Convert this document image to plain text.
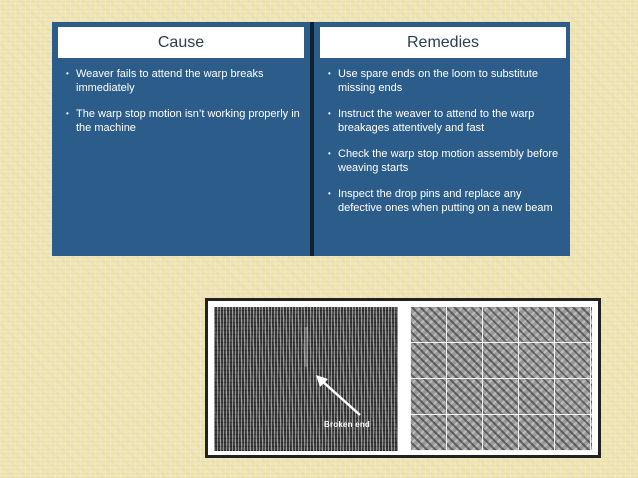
Cause
• Weaver fails to attend the warp breaks immediately
• The warp stop motion isn’t working properly in the machine
Remedies
• Use spare ends on the loom to substitute missing ends
• Instruct the weaver to attend to the warp breakages attentively and fast
• Check the warp stop motion assembly before weaving starts
• Inspect the drop pins and replace any defective ones when putting on a new beam
Broken end
